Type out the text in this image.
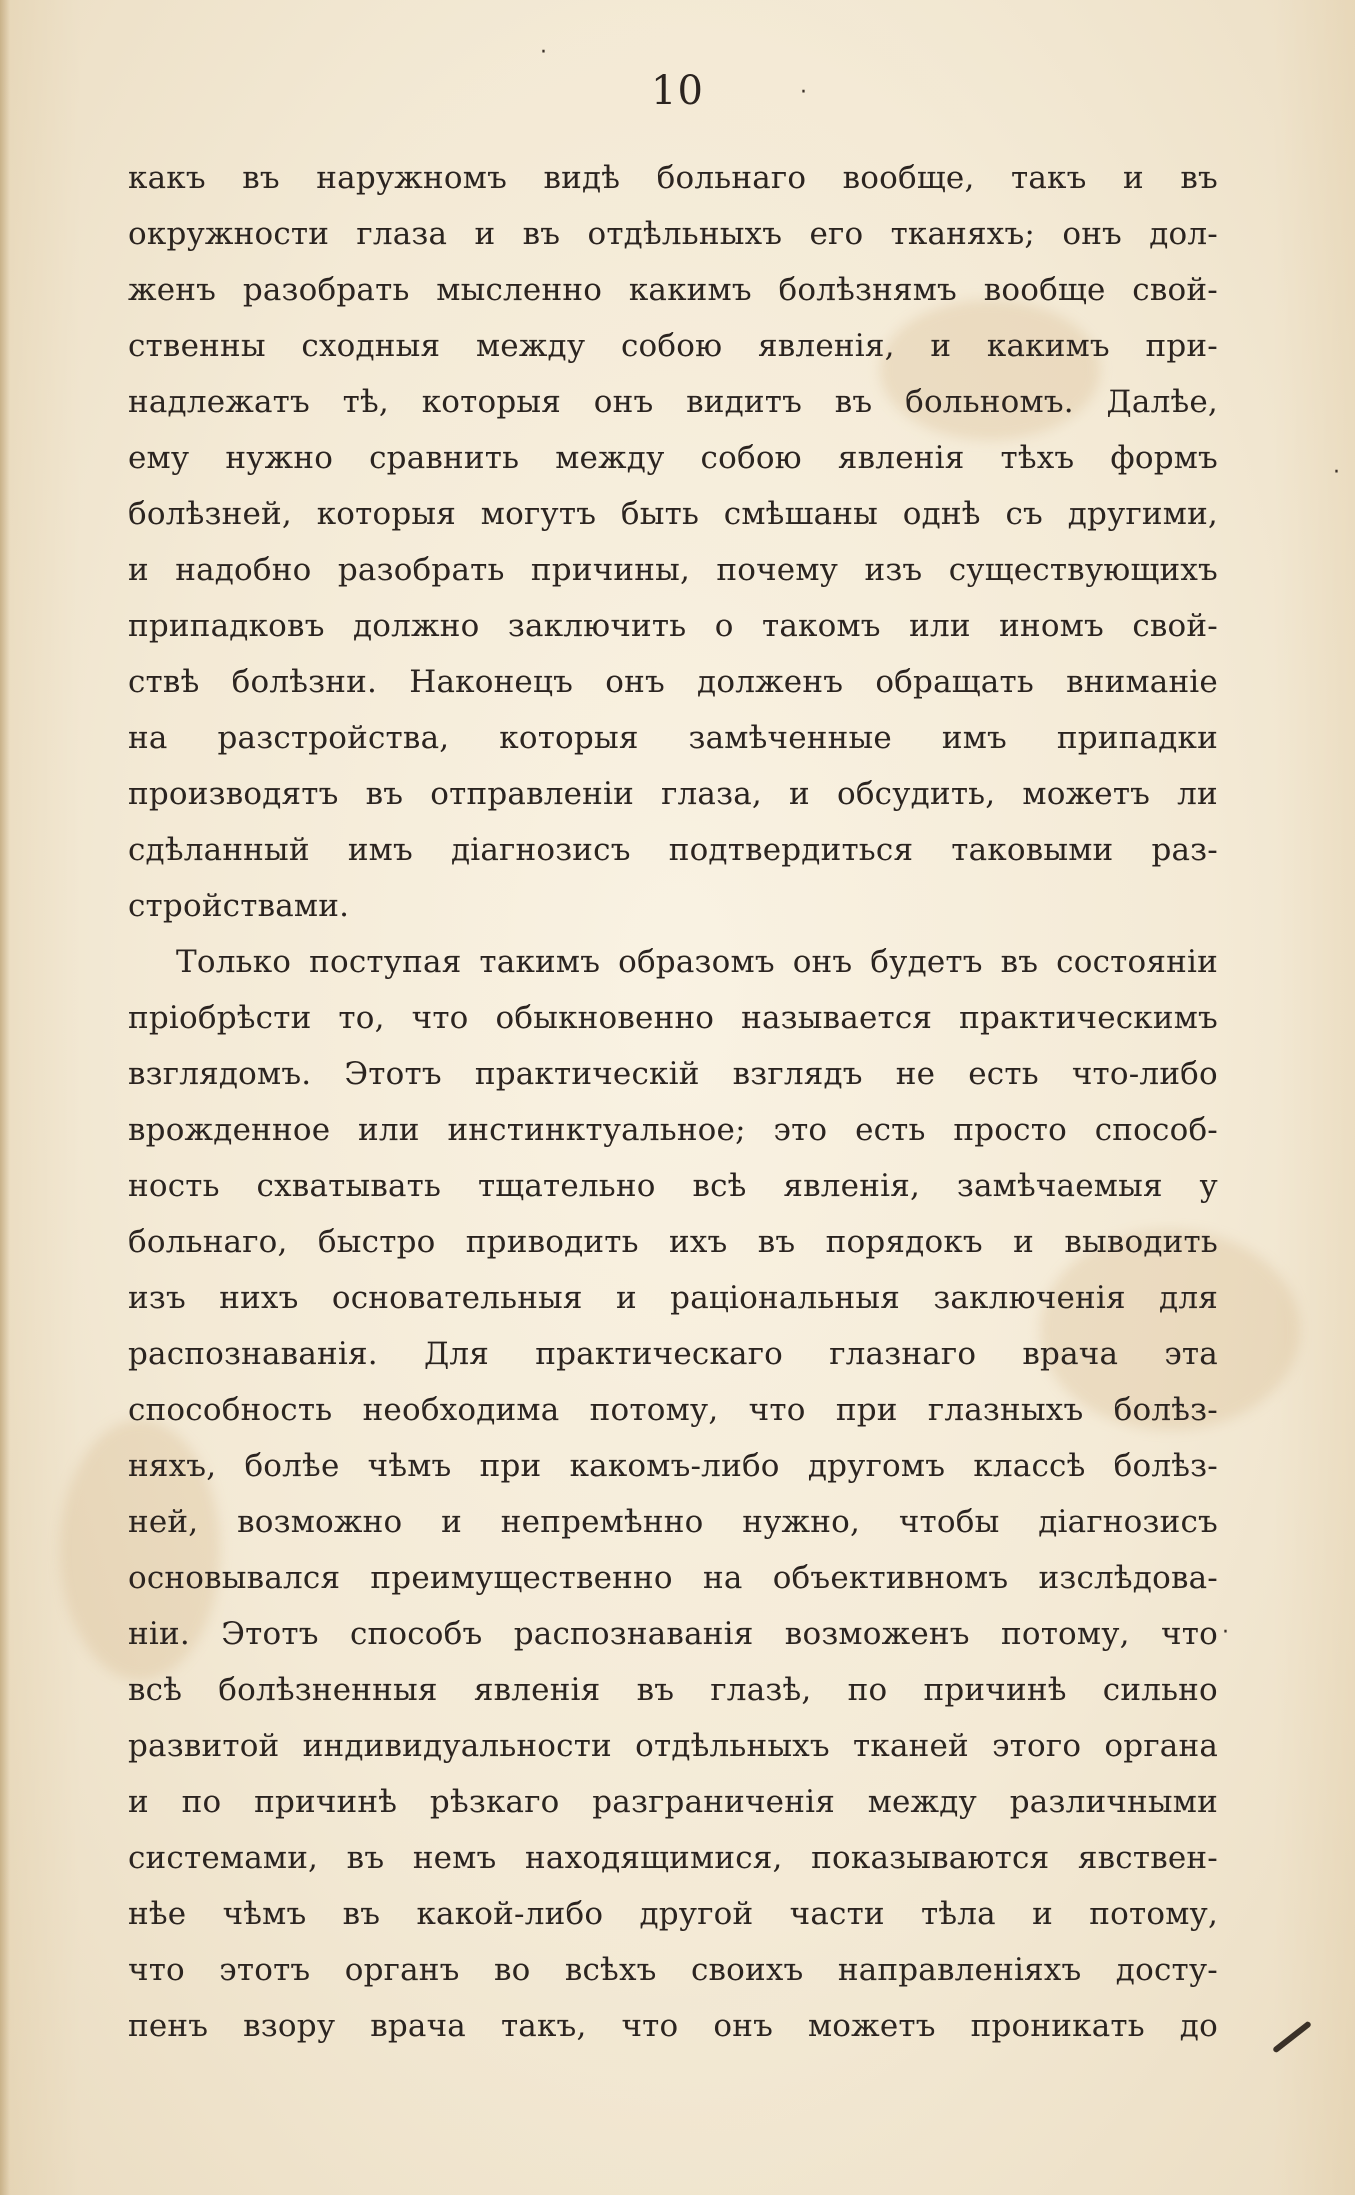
·
·
·
·
10
какъ въ наружномъ видѣ больнаго вообще, такъ и въ
окружности глаза и въ отдѣльныхъ его тканяхъ; онъ дол-
женъ разобрать мысленно какимъ болѣзнямъ вообще свой-
ственны сходныя между собою явленія, и какимъ при-
надлежатъ тѣ, которыя онъ видитъ въ больномъ. Далѣе,
ему нужно сравнить между собою явленія тѣхъ формъ
болѣзней, которыя могутъ быть смѣшаны однѣ съ другими,
и надобно разобрать причины, почему изъ существующихъ
припадковъ должно заключить о такомъ или иномъ свой-
ствѣ болѣзни. Наконецъ онъ долженъ обращать вниманіе
на разстройства, которыя замѣченные имъ припадки
производятъ въ отправленіи глаза, и обсудить, можетъ ли
сдѣланный имъ діагнозисъ подтвердиться таковыми раз-
стройствами.
Только поступая такимъ образомъ онъ будетъ въ состояніи
пріобрѣсти то, что обыкновенно называется практическимъ
взглядомъ. Этотъ практическій взглядъ не есть что-либо
врожденное или инстинктуальное; это есть просто способ-
ность схватывать тщательно всѣ явленія, замѣчаемыя у
больнаго, быстро приводить ихъ въ порядокъ и выводить
изъ нихъ основательныя и раціональныя заключенія для
распознаванія. Для практическаго глазнаго врача эта
способность необходима потому, что при глазныхъ болѣз-
няхъ, болѣе чѣмъ при какомъ-либо другомъ классѣ болѣз-
ней, возможно и непремѣнно нужно, чтобы діагнозисъ
основывался преимущественно на объективномъ изслѣдова-
ніи. Этотъ способъ распознаванія возможенъ потому, что
всѣ болѣзненныя явленія въ глазѣ, по причинѣ сильно
развитой индивидуальности отдѣльныхъ тканей этого органа
и по причинѣ рѣзкаго разграниченія между различными
системами, въ немъ находящимися, показываются явствен-
нѣе чѣмъ въ какой-либо другой части тѣла и потому,
что этотъ органъ во всѣхъ своихъ направленіяхъ досту-
пенъ взору врача такъ, что онъ можетъ проникать до
